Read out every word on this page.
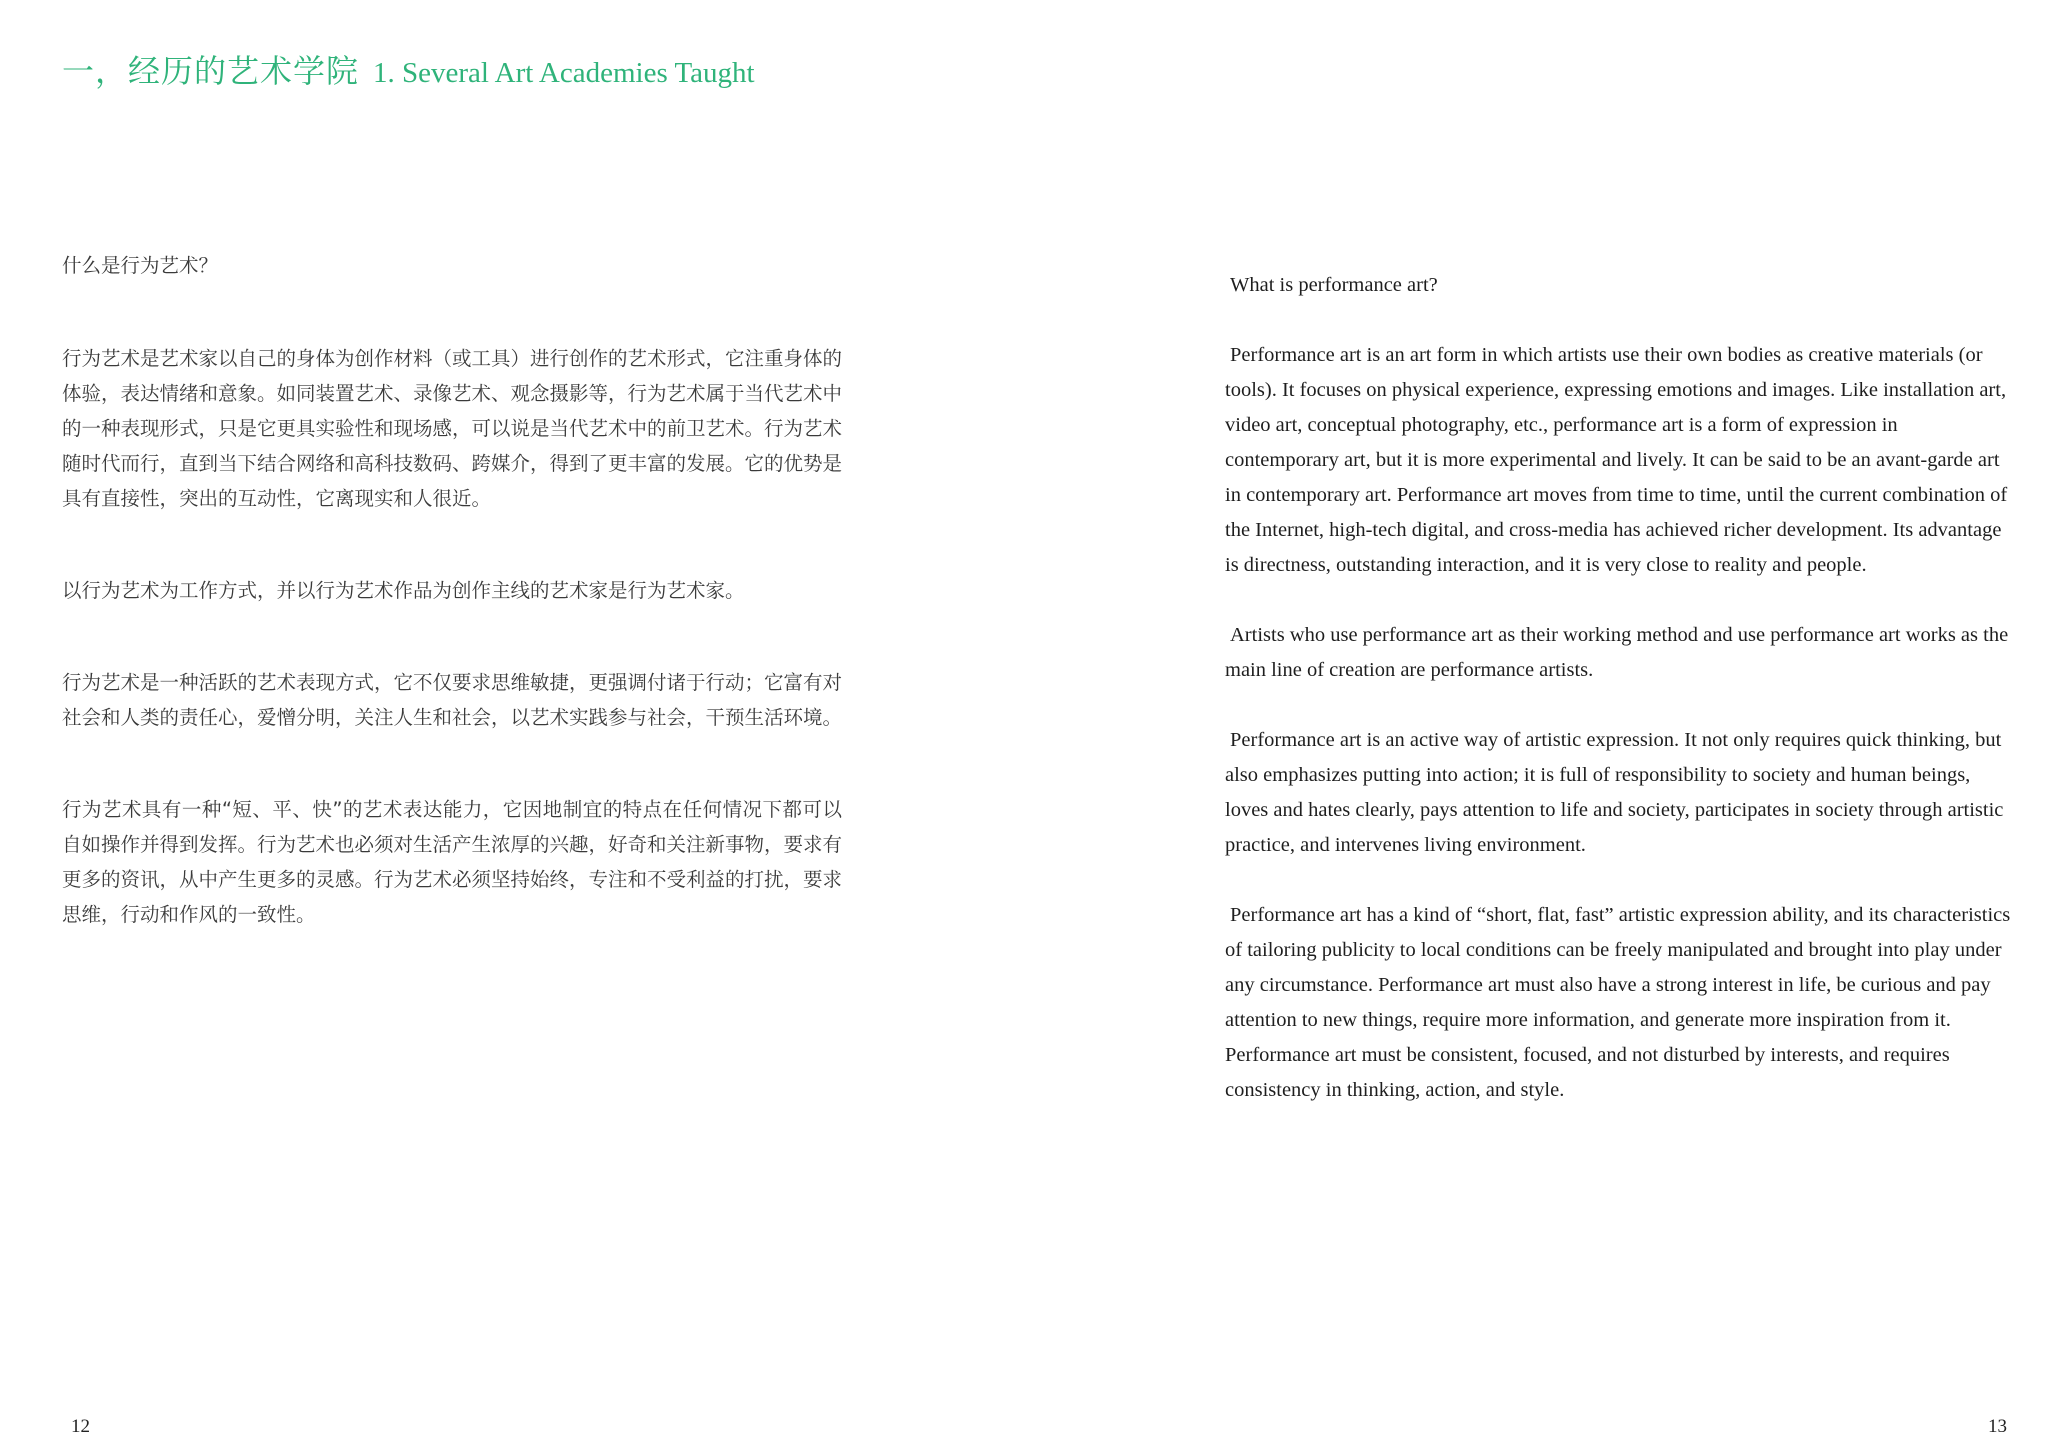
一，经历的艺术学院 1. Several Art Academies Taught

什么是行为艺术？

行为艺术是艺术家以自己的身体为创作材料（或工具）进行创作的艺术形式，它注重身体的体验，表达情绪和意象。如同装置艺术、录像艺术、观念摄影等，行为艺术属于当代艺术中的一种表现形式，只是它更具实验性和现场感，可以说是当代艺术中的前卫艺术。行为艺术随时代而行，直到当下结合网络和高科技数码、跨媒介，得到了更丰富的发展。它的优势是具有直接性，突出的互动性，它离现实和人很近。

以行为艺术为工作方式，并以行为艺术作品为创作主线的艺术家是行为艺术家。

行为艺术是一种活跃的艺术表现方式，它不仅要求思维敏捷，更强调付诸于行动；它富有对社会和人类的责任心，爱憎分明，关注人生和社会，以艺术实践参与社会，干预生活环境。

行为艺术具有一种“短、平、快”的艺术表达能力，它因地制宜的特点在任何情况下都可以自如操作并得到发挥。行为艺术也必须对生活产生浓厚的兴趣，好奇和关注新事物，要求有更多的资讯，从中产生更多的灵感。行为艺术必须坚持始终，专注和不受利益的打扰，要求思维，行动和作风的一致性。

12

What is performance art?

Performance art is an art form in which artists use their own bodies as creative materials (or tools). It focuses on physical experience, expressing emotions and images. Like installation art, video art, conceptual photography, etc., performance art is a form of expression in contemporary art, but it is more experimental and lively. It can be said to be an avant-garde art in contemporary art. Performance art moves from time to time, until the current combination of the Internet, high-tech digital, and cross-media has achieved richer development. Its advantage is directness, outstanding interaction, and it is very close to reality and people.

Artists who use performance art as their working method and use performance art works as the main line of creation are performance artists.

Performance art is an active way of artistic expression. It not only requires quick thinking, but also emphasizes putting into action; it is full of responsibility to society and human beings, loves and hates clearly, pays attention to life and society, participates in society through artistic practice, and intervenes living environment.

Performance art has a kind of “short, flat, fast” artistic expression ability, and its characteristics of tailoring publicity to local conditions can be freely manipulated and brought into play under any circumstance. Performance art must also have a strong interest in life, be curious and pay attention to new things, require more information, and generate more inspiration from it. Performance art must be consistent, focused, and not disturbed by interests, and requires consistency in thinking, action, and style.

13
